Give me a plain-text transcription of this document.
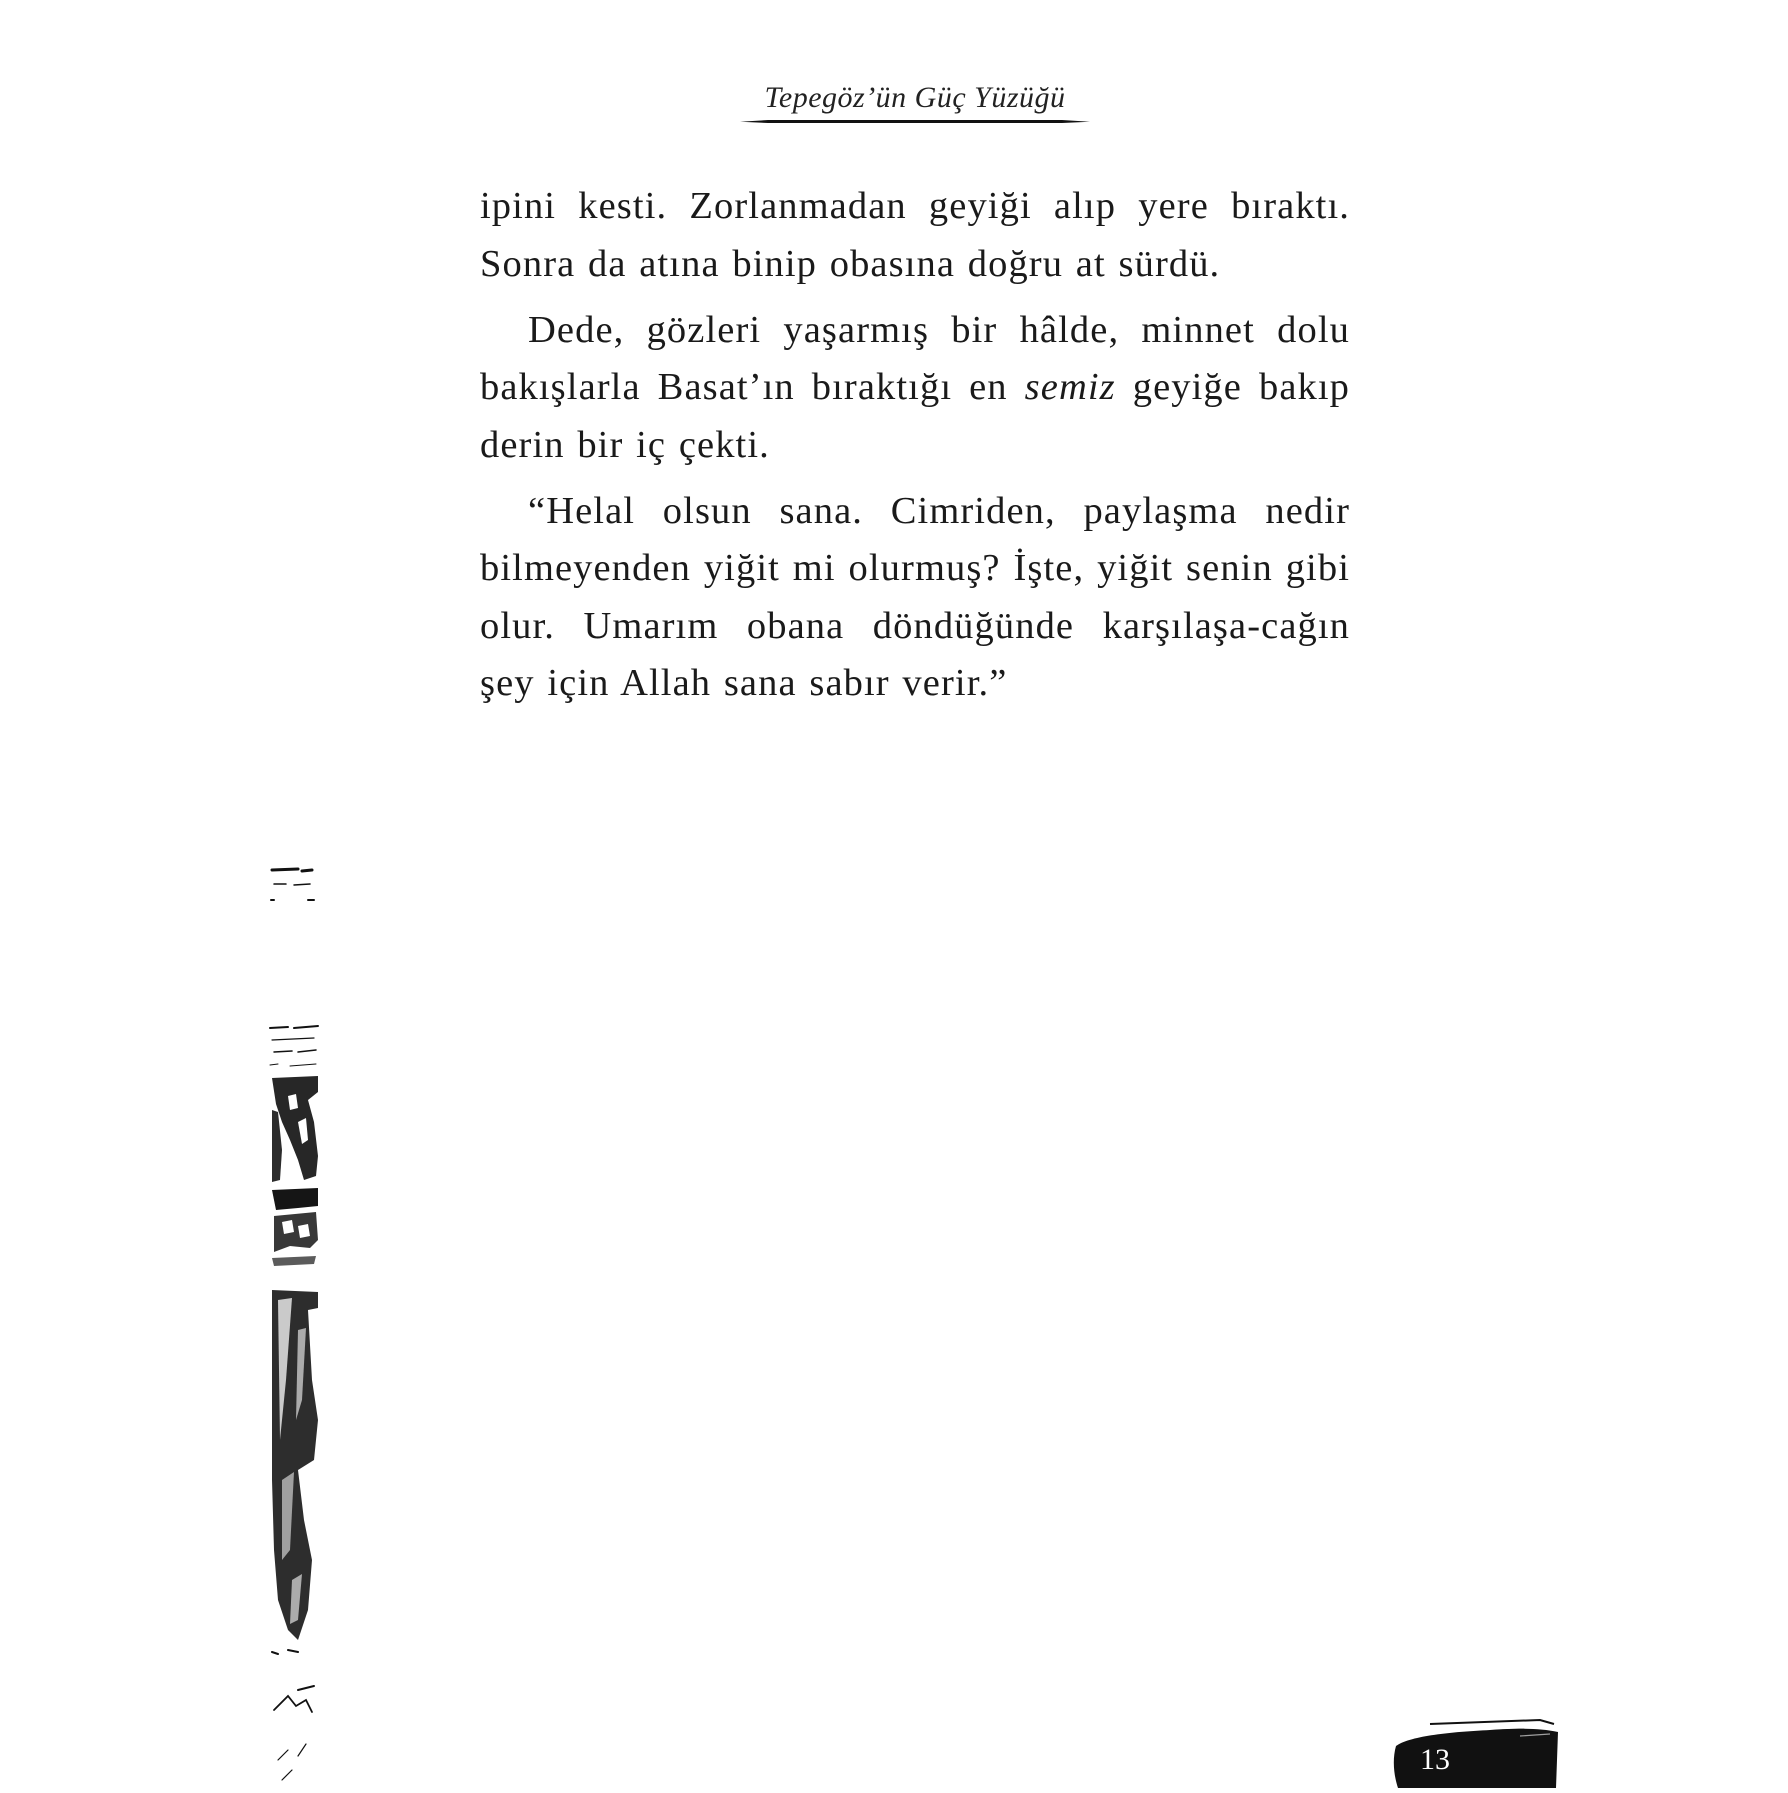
Tepegöz’ün Güç Yüzüğü

ipini kesti. Zorlanmadan geyiği alıp yere bıraktı. Sonra da atına binip obasına doğru at sürdü.

Dede, gözleri yaşarmış bir hâlde, minnet dolu bakışlarla Basat’ın bıraktığı en semiz geyiğe bakıp derin bir iç çekti.

“Helal olsun sana. Cimriden, paylaşma nedir bilmeyenden yiğit mi olurmuş? İşte, yiğit senin gibi olur. Umarım obana döndüğünde karşılaşa-cağın şey için Allah sana sabır verir.”

13
